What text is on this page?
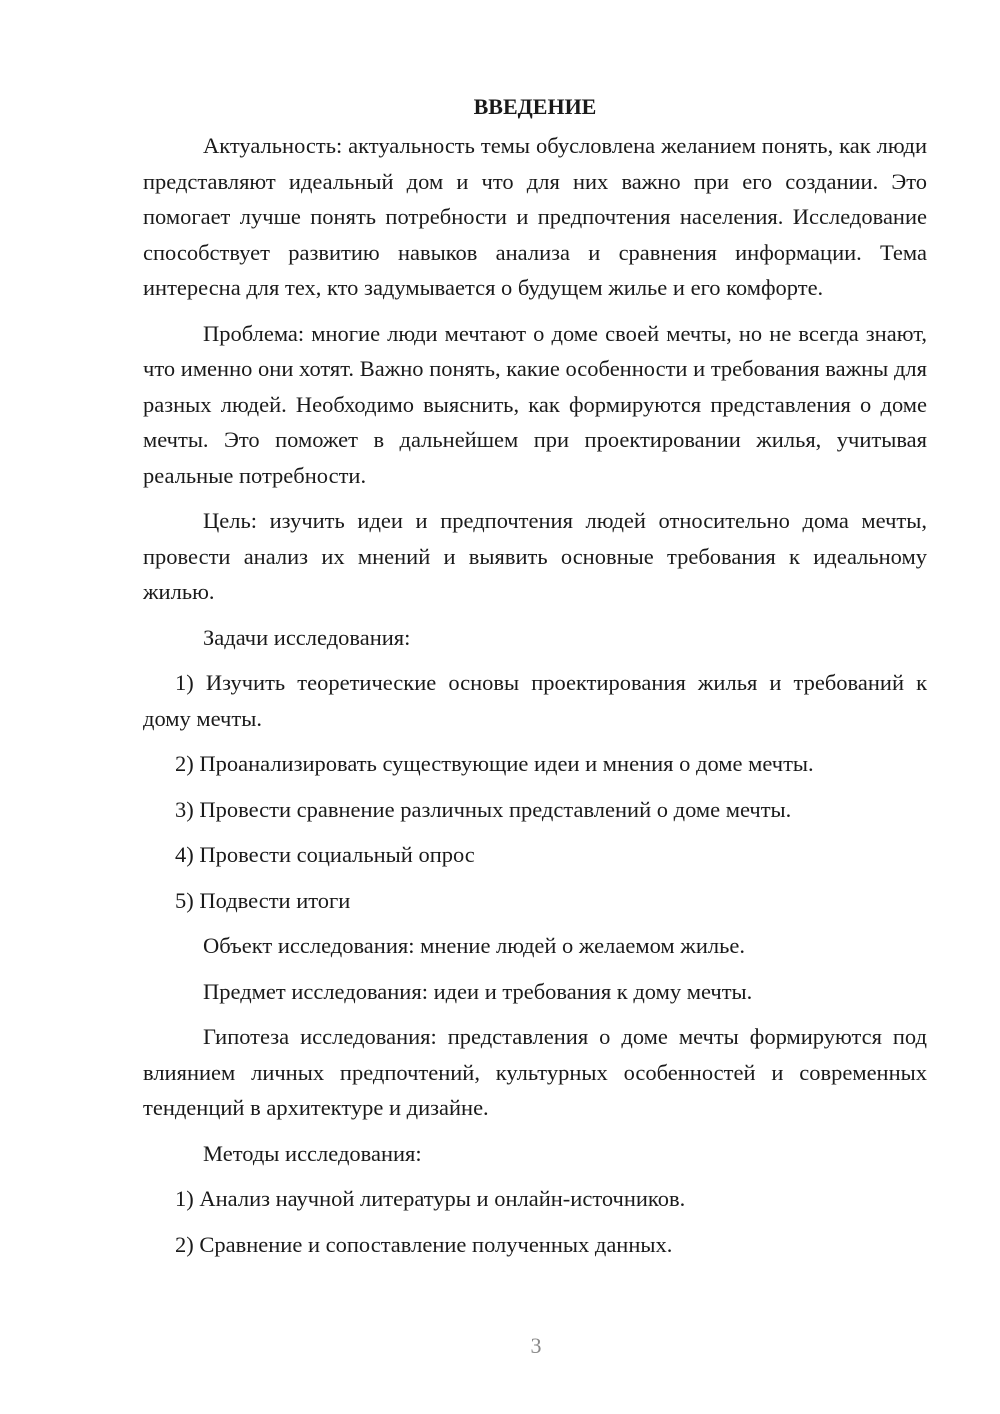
ВВЕДЕНИЕ

Актуальность: актуальность темы обусловлена желанием понять, как люди представляют идеальный дом и что для них важно при его создании. Это помогает лучше понять потребности и предпочтения населения. Исследование способствует развитию навыков анализа и сравнения информации. Тема интересна для тех, кто задумывается о будущем жилье и его комфорте.

Проблема: многие люди мечтают о доме своей мечты, но не всегда знают, что именно они хотят. Важно понять, какие особенности и требования важны для разных людей. Необходимо выяснить, как формируются представления о доме мечты. Это поможет в дальнейшем при проектировании жилья, учитывая реальные потребности.

Цель: изучить идеи и предпочтения людей относительно дома мечты, провести анализ их мнений и выявить основные требования к идеальному жилью.

Задачи исследования:

1) Изучить теоретические основы проектирования жилья и требований к дому мечты.

2) Проанализировать существующие идеи и мнения о доме мечты.

3) Провести сравнение различных представлений о доме мечты.

4) Провести социальный опрос

5) Подвести итоги

Объект исследования: мнение людей о желаемом жилье.

Предмет исследования: идеи и требования к дому мечты.

Гипотеза исследования: представления о доме мечты формируются под влиянием личных предпочтений, культурных особенностей и современных тенденций в архитектуре и дизайне.

Методы исследования:

1) Анализ научной литературы и онлайн-источников.

2) Сравнение и сопоставление полученных данных.

3
